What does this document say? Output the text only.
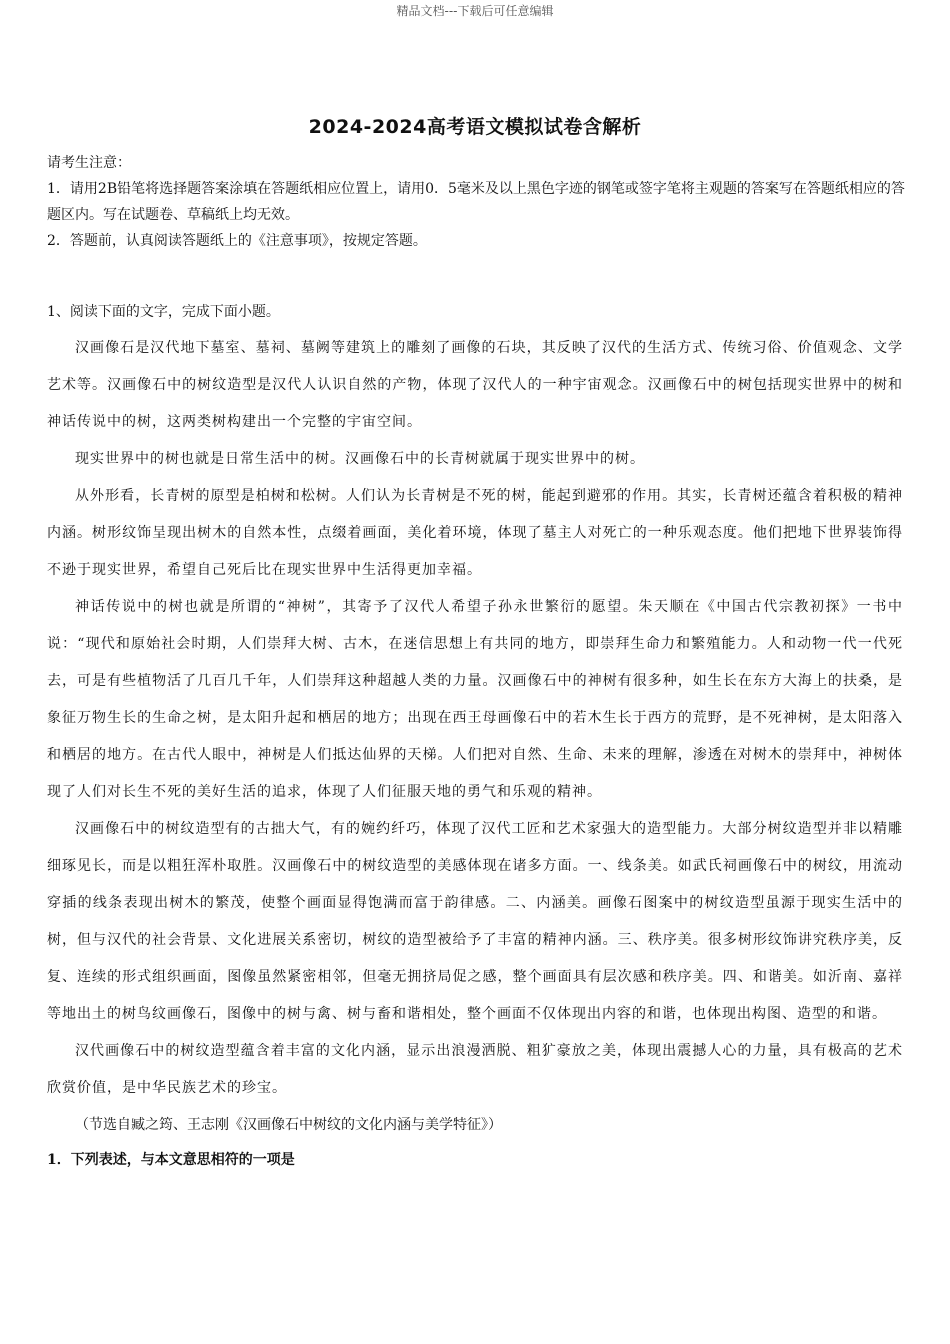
精品文档---下载后可任意编辑
2024-2024高考语文模拟试卷含解析

请考生注意：

1．请用2B铅笔将选择题答案涂填在答题纸相应位置上，请用0．5毫米及以上黑色字迹的钢笔或签字笔将主观题的答案写在答题纸相应的答题区内。写在试题卷、草稿纸上均无效。

2．答题前，认真阅读答题纸上的《注意事项》，按规定答题。

1、阅读下面的文字，完成下面小题。

汉画像石是汉代地下墓室、墓祠、墓阙等建筑上的雕刻了画像的石块，其反映了汉代的生活方式、传统习俗、价值观念、文学艺术等。汉画像石中的树纹造型是汉代人认识自然的产物，体现了汉代人的一种宇宙观念。汉画像石中的树包括现实世界中的树和神话传说中的树，这两类树构建出一个完整的宇宙空间。

现实世界中的树也就是日常生活中的树。汉画像石中的长青树就属于现实世界中的树。

从外形看，长青树的原型是柏树和松树。人们认为长青树是不死的树，能起到避邪的作用。其实，长青树还蕴含着积极的精神内涵。树形纹饰呈现出树木的自然本性，点缀着画面，美化着环境，体现了墓主人对死亡的一种乐观态度。他们把地下世界装饰得不逊于现实世界，希望自己死后比在现实世界中生活得更加幸福。

神话传说中的树也就是所谓的“神树”，其寄予了汉代人希望子孙永世繁衍的愿望。朱天顺在《中国古代宗教初探》一书中说：“现代和原始社会时期，人们崇拜大树、古木，在迷信思想上有共同的地方，即崇拜生命力和繁殖能力。人和动物一代一代死去，可是有些植物活了几百几千年，人们崇拜这种超越人类的力量。汉画像石中的神树有很多种，如生长在东方大海上的扶桑，是象征万物生长的生命之树，是太阳升起和栖居的地方；出现在西王母画像石中的若木生长于西方的荒野，是不死神树，是太阳落入和栖居的地方。在古代人眼中，神树是人们抵达仙界的天梯。人们把对自然、生命、未来的理解，渗透在对树木的崇拜中，神树体现了人们对长生不死的美好生活的追求，体现了人们征服天地的勇气和乐观的精神。

汉画像石中的树纹造型有的古拙大气，有的婉约纤巧，体现了汉代工匠和艺术家强大的造型能力。大部分树纹造型并非以精雕细琢见长，而是以粗狂浑朴取胜。汉画像石中的树纹造型的美感体现在诸多方面。一、线条美。如武氏祠画像石中的树纹，用流动穿插的线条表现出树木的繁茂，使整个画面显得饱满而富于韵律感。二、内涵美。画像石图案中的树纹造型虽源于现实生活中的树，但与汉代的社会背景、文化进展关系密切，树纹的造型被给予了丰富的精神内涵。三、秩序美。很多树形纹饰讲究秩序美，反复、连续的形式组织画面，图像虽然紧密相邻，但毫无拥挤局促之感，整个画面具有层次感和秩序美。四、和谐美。如沂南、嘉祥等地出土的树鸟纹画像石，图像中的树与禽、树与畜和谐相处，整个画面不仅体现出内容的和谐，也体现出构图、造型的和谐。

汉代画像石中的树纹造型蕴含着丰富的文化内涵，显示出浪漫洒脱、粗犷豪放之美，体现出震撼人心的力量，具有极高的艺术欣赏价值，是中华民族艺术的珍宝。

（节选自臧之筠、王志刚《汉画像石中树纹的文化内涵与美学特征》）

1．下列表述，与本文意思相符的一项是
